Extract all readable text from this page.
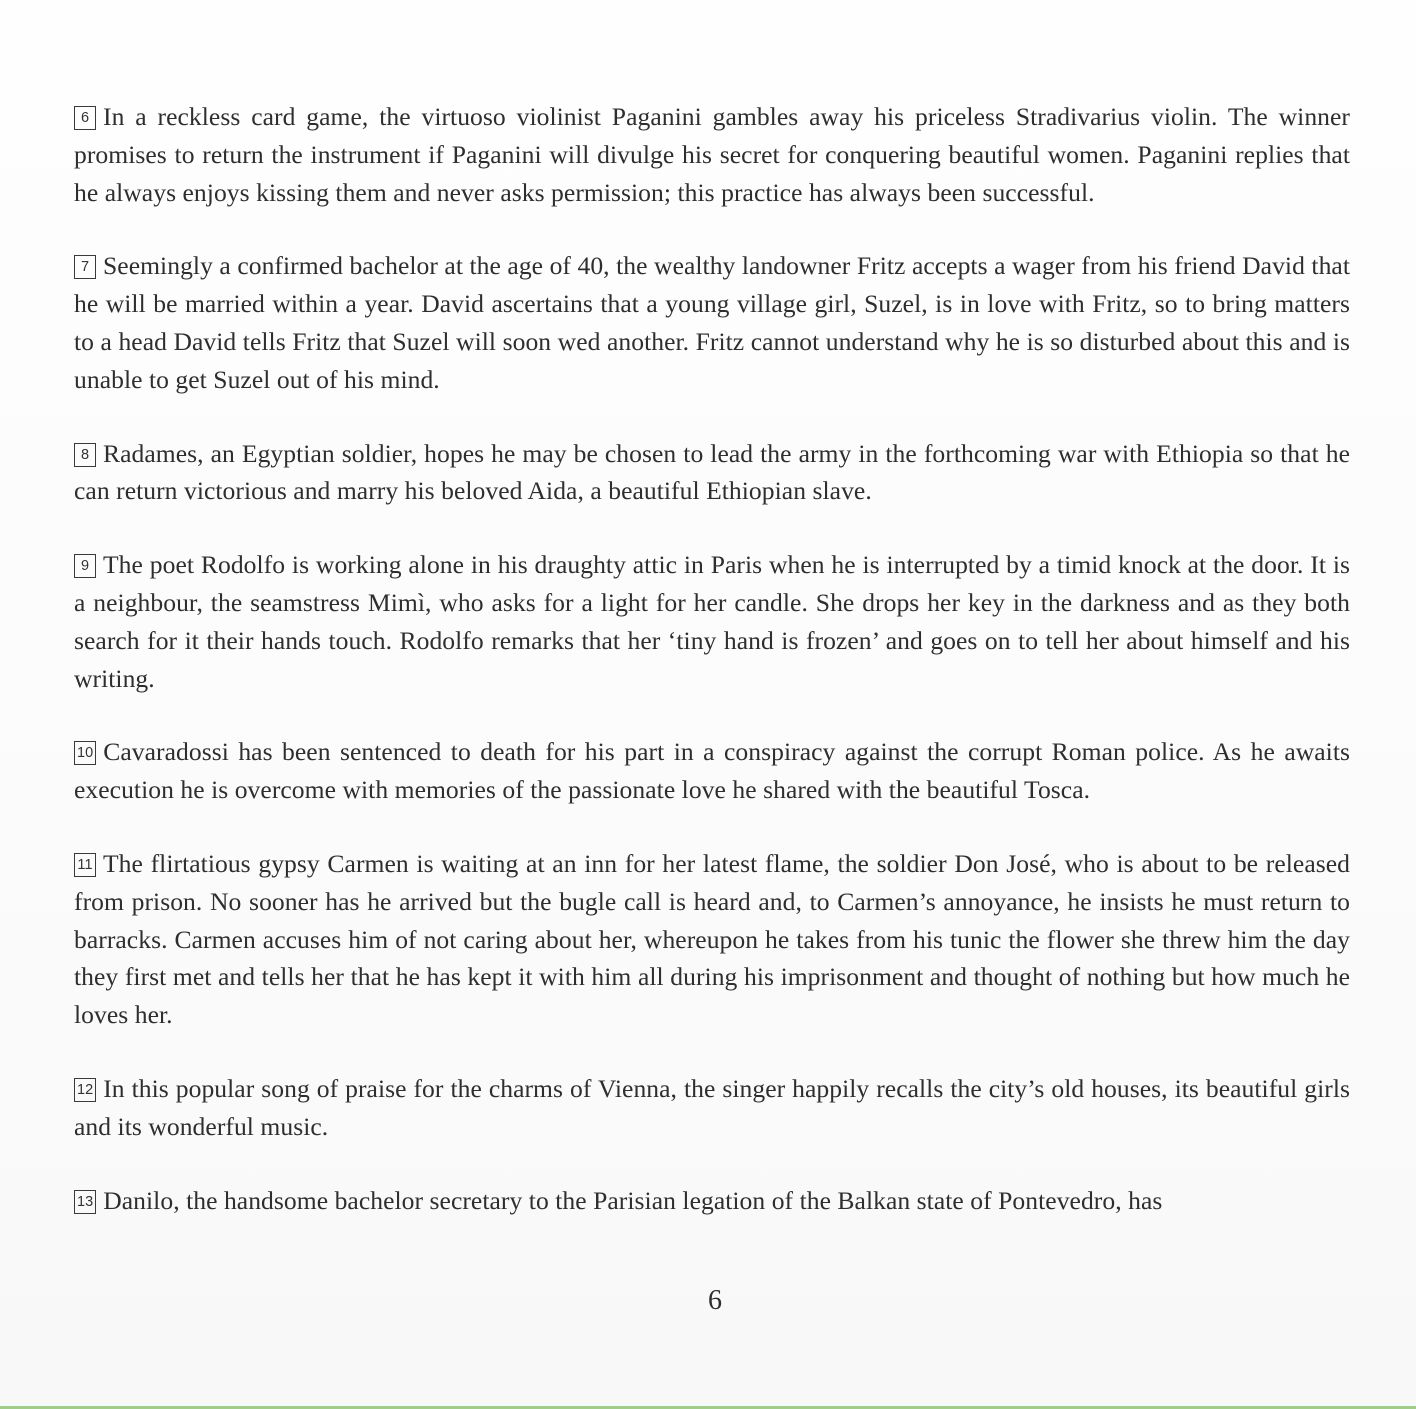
6 In a reckless card game, the virtuoso violinist Paganini gambles away his priceless Stradivarius violin. The winner promises to return the instrument if Paganini will divulge his secret for conquering beautiful women. Paganini replies that he always enjoys kissing them and never asks permission; this practice has always been successful.

7 Seemingly a confirmed bachelor at the age of 40, the wealthy landowner Fritz accepts a wager from his friend David that he will be married within a year. David ascertains that a young village girl, Suzel, is in love with Fritz, so to bring matters to a head David tells Fritz that Suzel will soon wed another. Fritz cannot understand why he is so disturbed about this and is unable to get Suzel out of his mind.

8 Radames, an Egyptian soldier, hopes he may be chosen to lead the army in the forthcoming war with Ethiopia so that he can return victorious and marry his beloved Aida, a beautiful Ethiopian slave.

9 The poet Rodolfo is working alone in his draughty attic in Paris when he is interrupted by a timid knock at the door. It is a neighbour, the seamstress Mimì, who asks for a light for her candle. She drops her key in the darkness and as they both search for it their hands touch. Rodolfo remarks that her ‘tiny hand is frozen’ and goes on to tell her about himself and his writing.

10 Cavaradossi has been sentenced to death for his part in a conspiracy against the corrupt Roman police. As he awaits execution he is overcome with memories of the passionate love he shared with the beautiful Tosca.

11 The flirtatious gypsy Carmen is waiting at an inn for her latest flame, the soldier Don José, who is about to be released from prison. No sooner has he arrived but the bugle call is heard and, to Carmen’s annoyance, he insists he must return to barracks. Carmen accuses him of not caring about her, whereupon he takes from his tunic the flower she threw him the day they first met and tells her that he has kept it with him all during his imprisonment and thought of nothing but how much he loves her.

12 In this popular song of praise for the charms of Vienna, the singer happily recalls the city’s old houses, its beautiful girls and its wonderful music.

13 Danilo, the handsome bachelor secretary to the Parisian legation of the Balkan state of Pontevedro, has

6
